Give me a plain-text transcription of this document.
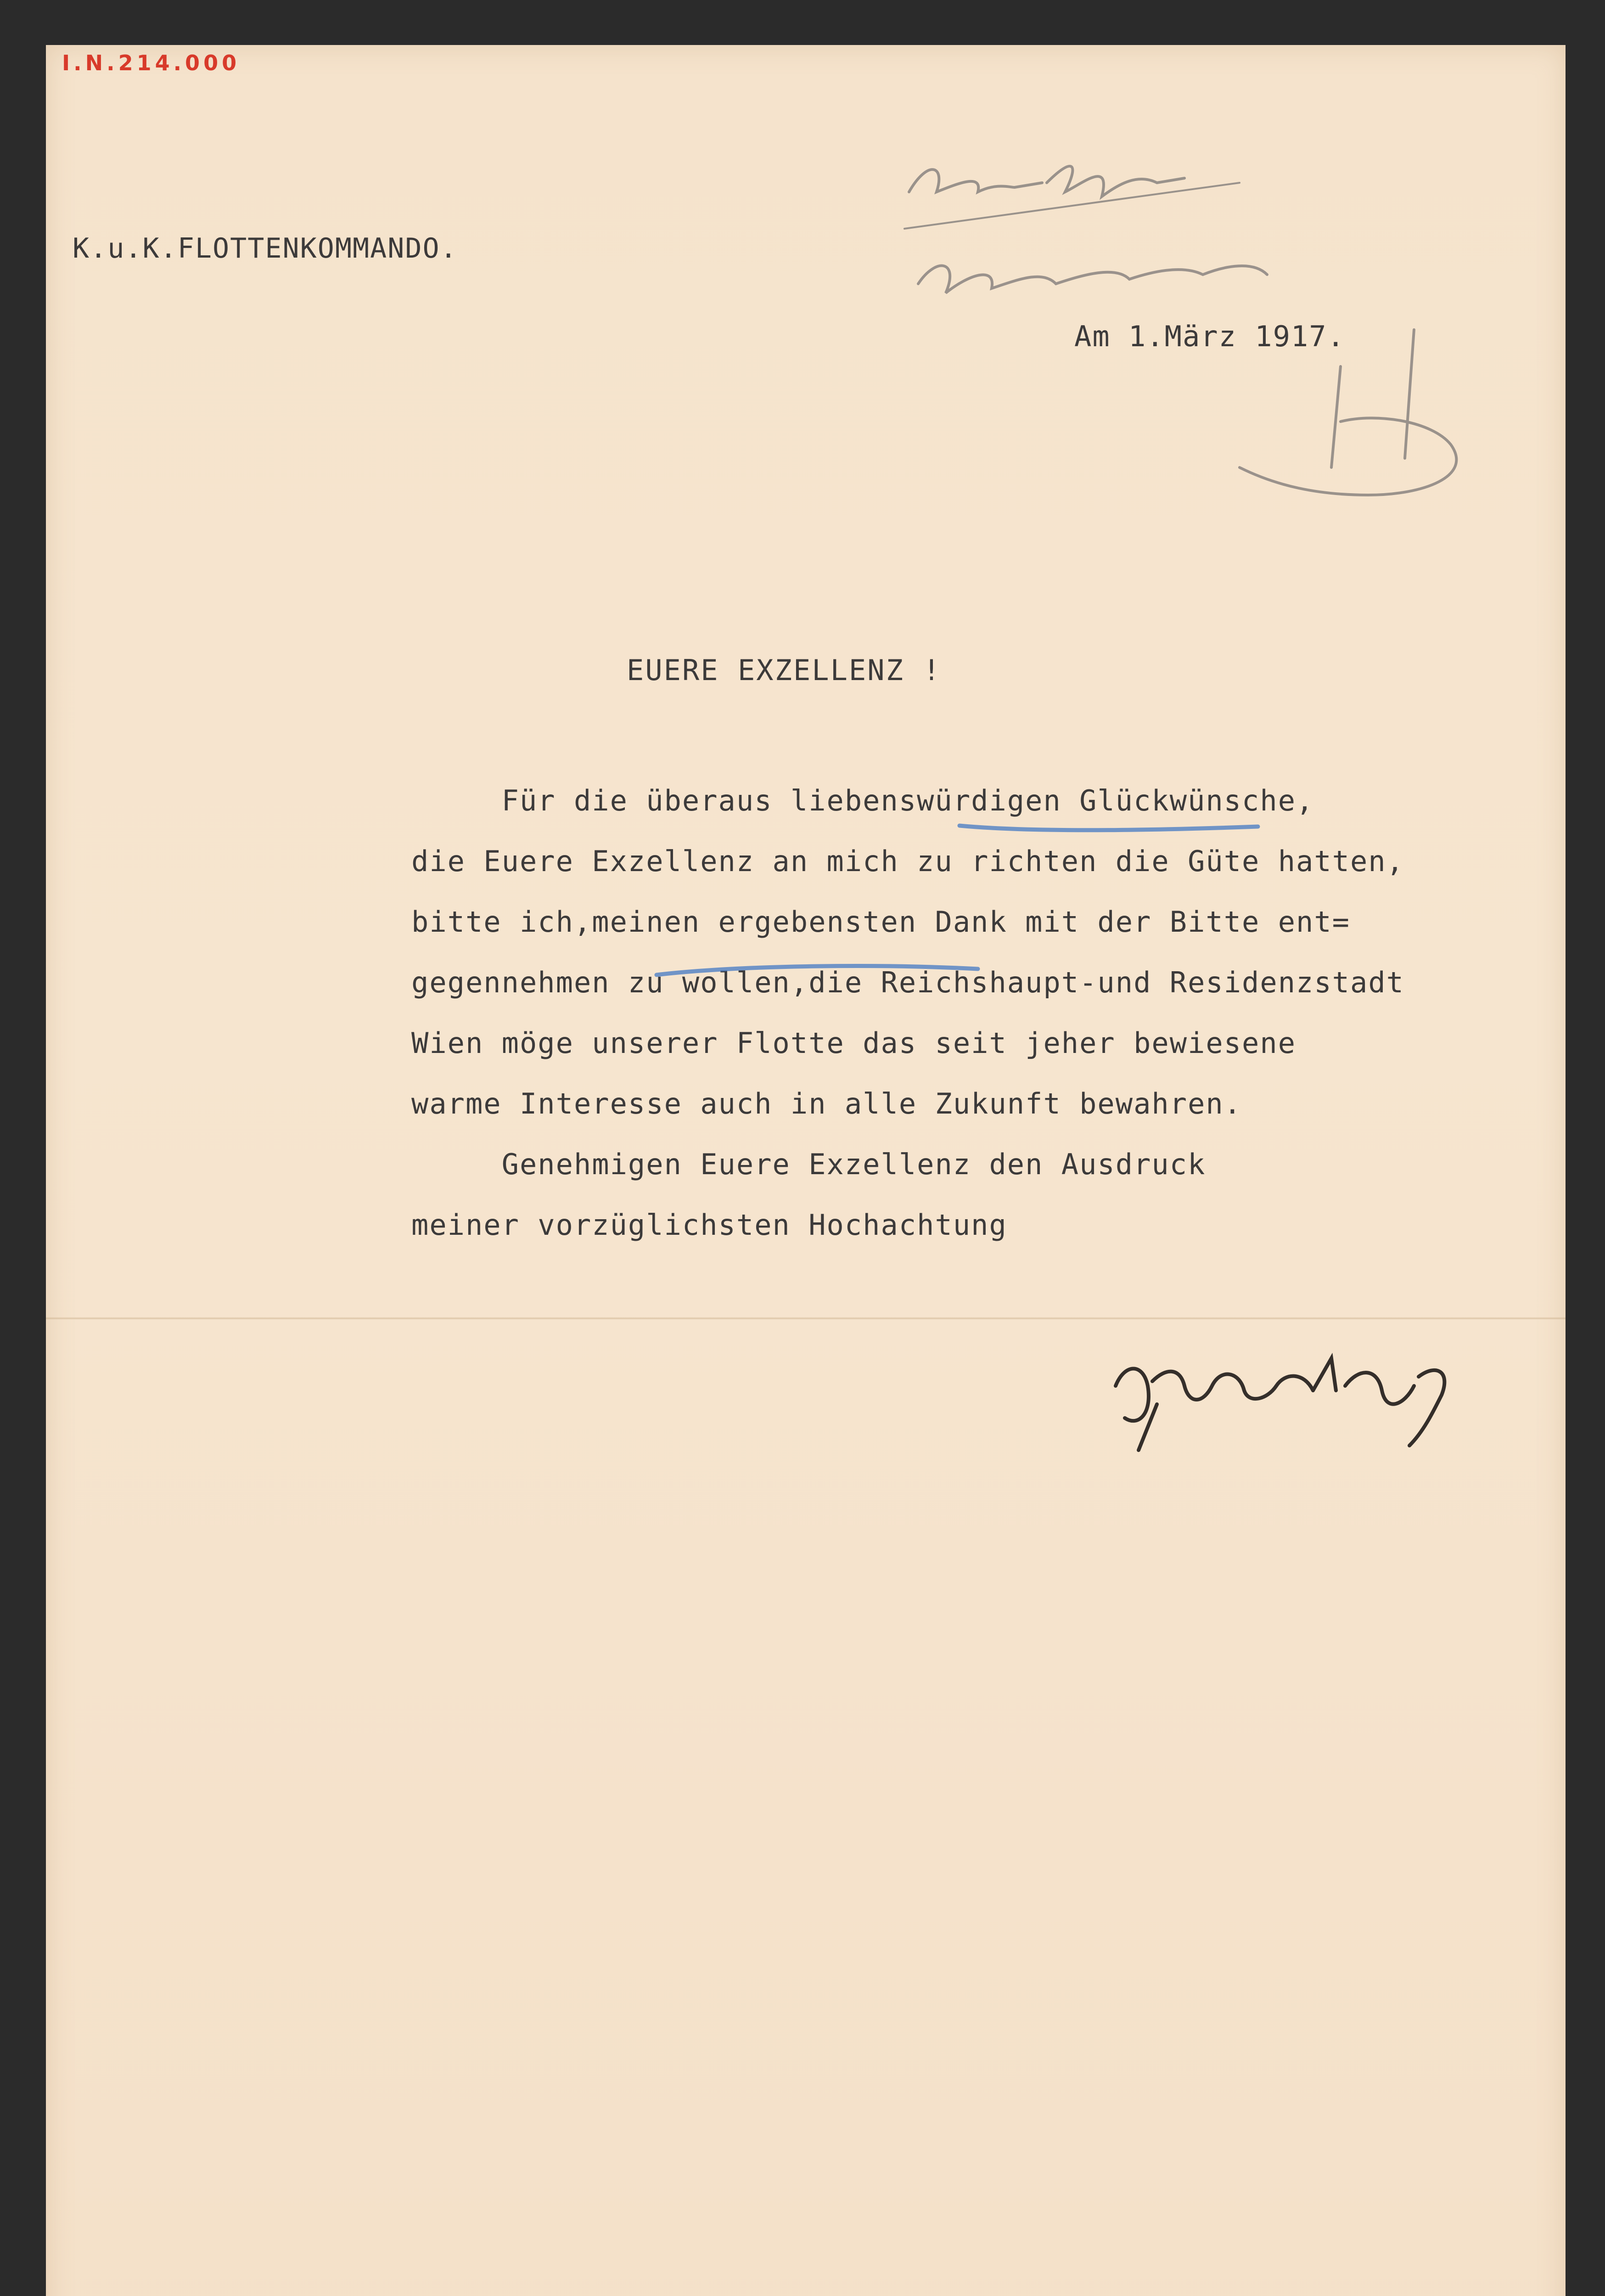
I.N.214.000
K.u.K.FLOTTENKOMMANDO.
Am 1.März 1917.
EUERE EXZELLENZ !
Für die überaus liebenswürdigen Glückwünsche,
die Euere Exzellenz an mich zu richten die Güte hatten,
bitte ich,meinen ergebensten Dank mit der Bitte ent=
gegennehmen zu wollen,die Reichshaupt-und Residenzstadt
Wien möge unserer Flotte das seit jeher bewiesene
warme Interesse auch in alle Zukunft bewahren.
Genehmigen Euere Exzellenz den Ausdruck
meiner vorzüglichsten Hochachtung
